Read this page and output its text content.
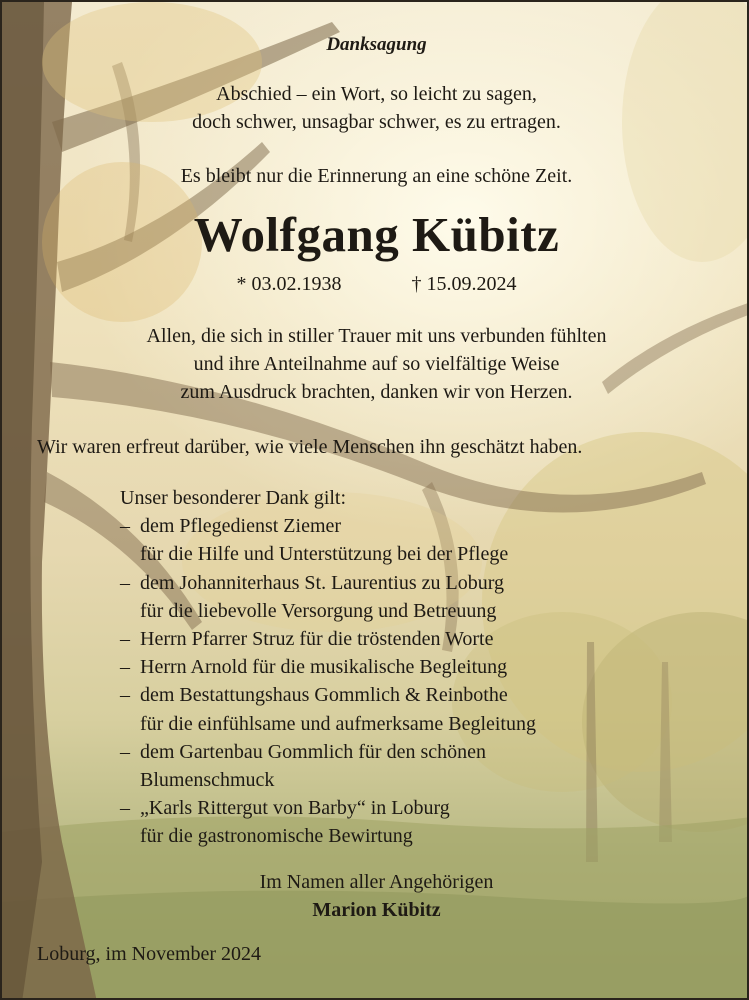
Danksagung

Abschied – ein Wort, so leicht zu sagen,

doch schwer, unsagbar schwer, es zu ertragen.

Es bleibt nur die Erinnerung an eine schöne Zeit.
Wolfgang Kübitz
* 03.02.1938	† 15.09.2024

Allen, die sich in stiller Trauer mit uns verbunden fühlten

und ihre Anteilnahme auf so vielfältige Weise

zum Ausdruck brachten, danken wir von Herzen.

Wir waren erfreut darüber, wie viele Menschen ihn geschätzt haben.
Unser besonderer Dank gilt:
– dem Pflegedienst Ziemer
für die Hilfe und Unterstützung bei der Pflege
– dem Johanniterhaus St. Laurentius zu Loburg
für die liebevolle Versorgung und Betreuung
– Herrn Pfarrer Struz für die tröstenden Worte
– Herrn Arnold für die musikalische Begleitung
– dem Bestattungshaus Gommlich & Reinbothe
für die einfühlsame und aufmerksame Begleitung
– dem Gartenbau Gommlich für den schönen
Blumenschmuck
– „Karls Rittergut von Barby“ in Loburg
für die gastronomische Bewirtung

Im Namen aller Angehörigen

Marion Kübitz

Loburg, im November 2024
